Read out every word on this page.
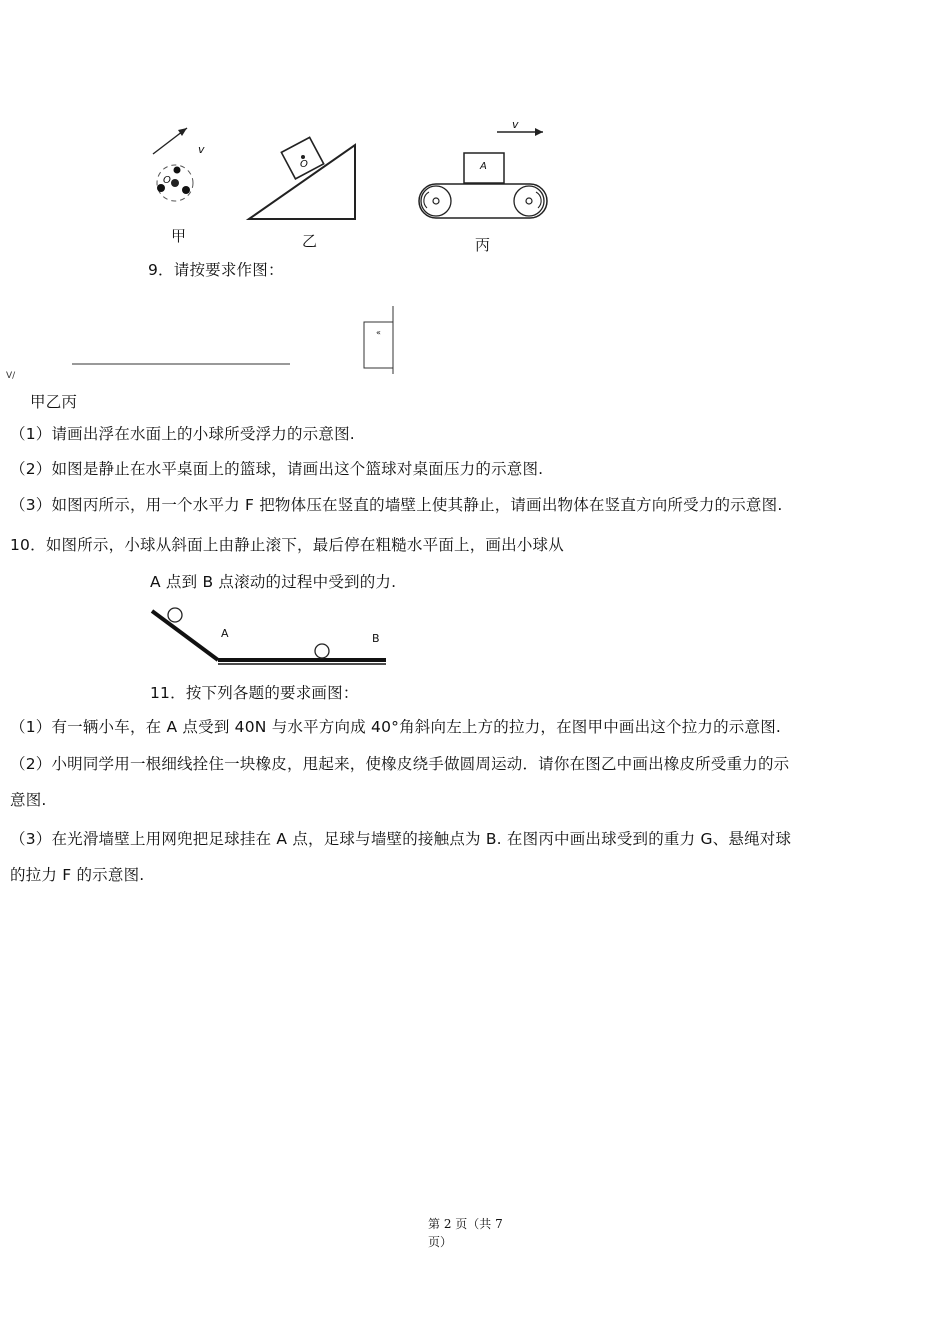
v
O
甲
O
乙
v
A
丙
9．请按要求作图：
V/
«
甲乙丙
（1）请画出浮在水面上的小球所受浮力的示意图.
（2）如图是静止在水平桌面上的篮球，请画出这个篮球对桌面压力的示意图.
（3）如图丙所示，用一个水平力 F 把物体压在竖直的墙壁上使其静止，请画出物体在竖直方向所受力的示意图.
10．如图所示，小球从斜面上由静止滚下，最后停在粗糙水平面上，画出小球从
A 点到 B 点滚动的过程中受到的力.
A	B
11．按下列各题的要求画图：
（1）有一辆小车，在 A 点受到 40N 与水平方向成 40°角斜向左上方的拉力，在图甲中画出这个拉力的示意图.
（2）小明同学用一根细线拴住一块橡皮，甩起来，使橡皮绕手做圆周运动．请你在图乙中画出橡皮所受重力的示
意图.
（3）在光滑墙壁上用网兜把足球挂在 A 点，足球与墙壁的接触点为 B. 在图丙中画出球受到的重力 G、悬绳对球
的拉力 F 的示意图.
第 2 页（共 7
页）
